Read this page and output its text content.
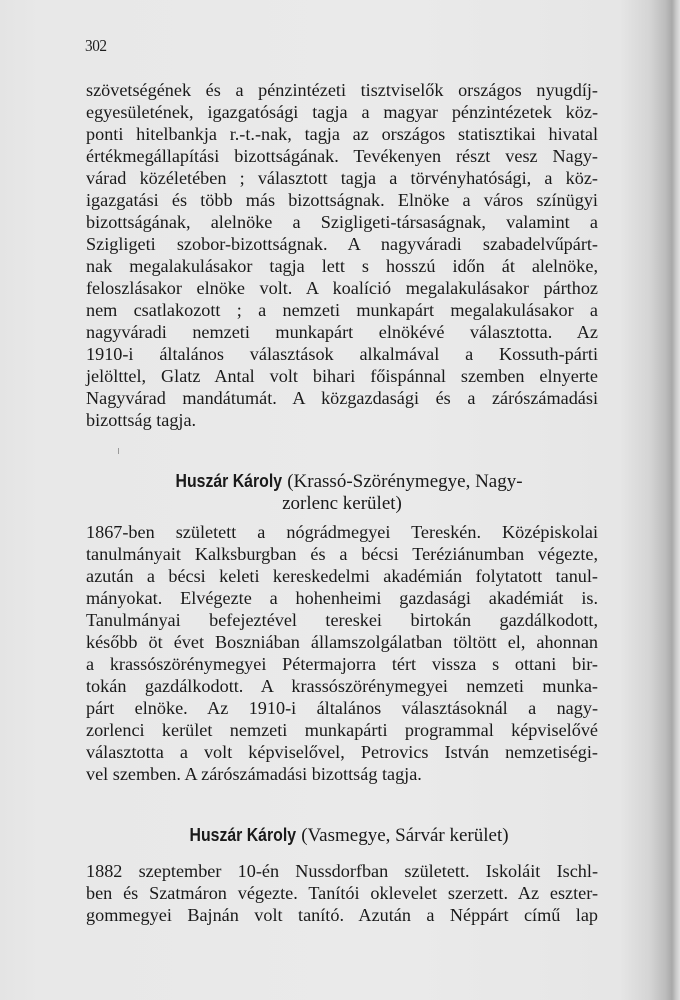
302
szövetségének és a pénzintézeti tisztviselők országos nyugdíj-
egyesületének, igazgatósági tagja a magyar pénzintézetek köz-
ponti hitelbankja r.-t.-nak, tagja az országos statisztikai hivatal
értékmegállapítási bizottságának. Tevékenyen részt vesz Nagy-
várad közéletében ; választott tagja a törvényhatósági, a köz-
igazgatási és több más bizottságnak. Elnöke a város színügyi
bizottságának, alelnöke a Szigligeti-társaságnak, valamint a
Szigligeti szobor-bizottságnak. A nagyváradi szabadelvűpárt-
nak megalakulásakor tagja lett s hosszú időn át alelnöke,
feloszlásakor elnöke volt. A koalíció megalakulásakor párthoz
nem csatlakozott ; a nemzeti munkapárt megalakulásakor a
nagyváradi nemzeti munkapárt elnökévé választotta. Az
1910-i általános választások alkalmával a Kossuth-párti
jelölttel, Glatz Antal volt bihari főispánnal szemben elnyerte
Nagyvárad mandátumát. A közgazdasági és a zárószámadási
bizottság tagja.
Huszár Károly (Krassó-Szörénymegye, Nagy-
zorlenc kerület)
1867-ben született a nógrádmegyei Tereskén. Középiskolai
tanulmányait Kalksburgban és a bécsi Teréziánumban végezte,
azután a bécsi keleti kereskedelmi akadémián folytatott tanul-
mányokat. Elvégezte a hohenheimi gazdasági akadémiát is.
Tanulmányai befejeztével tereskei birtokán gazdálkodott,
később öt évet Boszniában államszolgálatban töltött el, ahonnan
a krassószörénymegyei Pétermajorra tért vissza s ottani bir-
tokán gazdálkodott. A krassószörénymegyei nemzeti munka-
párt elnöke. Az 1910-i általános választásoknál a nagy-
zorlenci kerület nemzeti munkapárti programmal képviselővé
választotta a volt képviselővel, Petrovics István nemzetiségi-
vel szemben. A zárószámadási bizottság tagja.
Huszár Károly (Vasmegye, Sárvár kerület)
1882 szeptember 10-én Nussdorfban született. Iskoláit Ischl-
ben és Szatmáron végezte. Tanítói oklevelet szerzett. Az eszter-
gommegyei Bajnán volt tanító. Azután a Néppárt című lap
